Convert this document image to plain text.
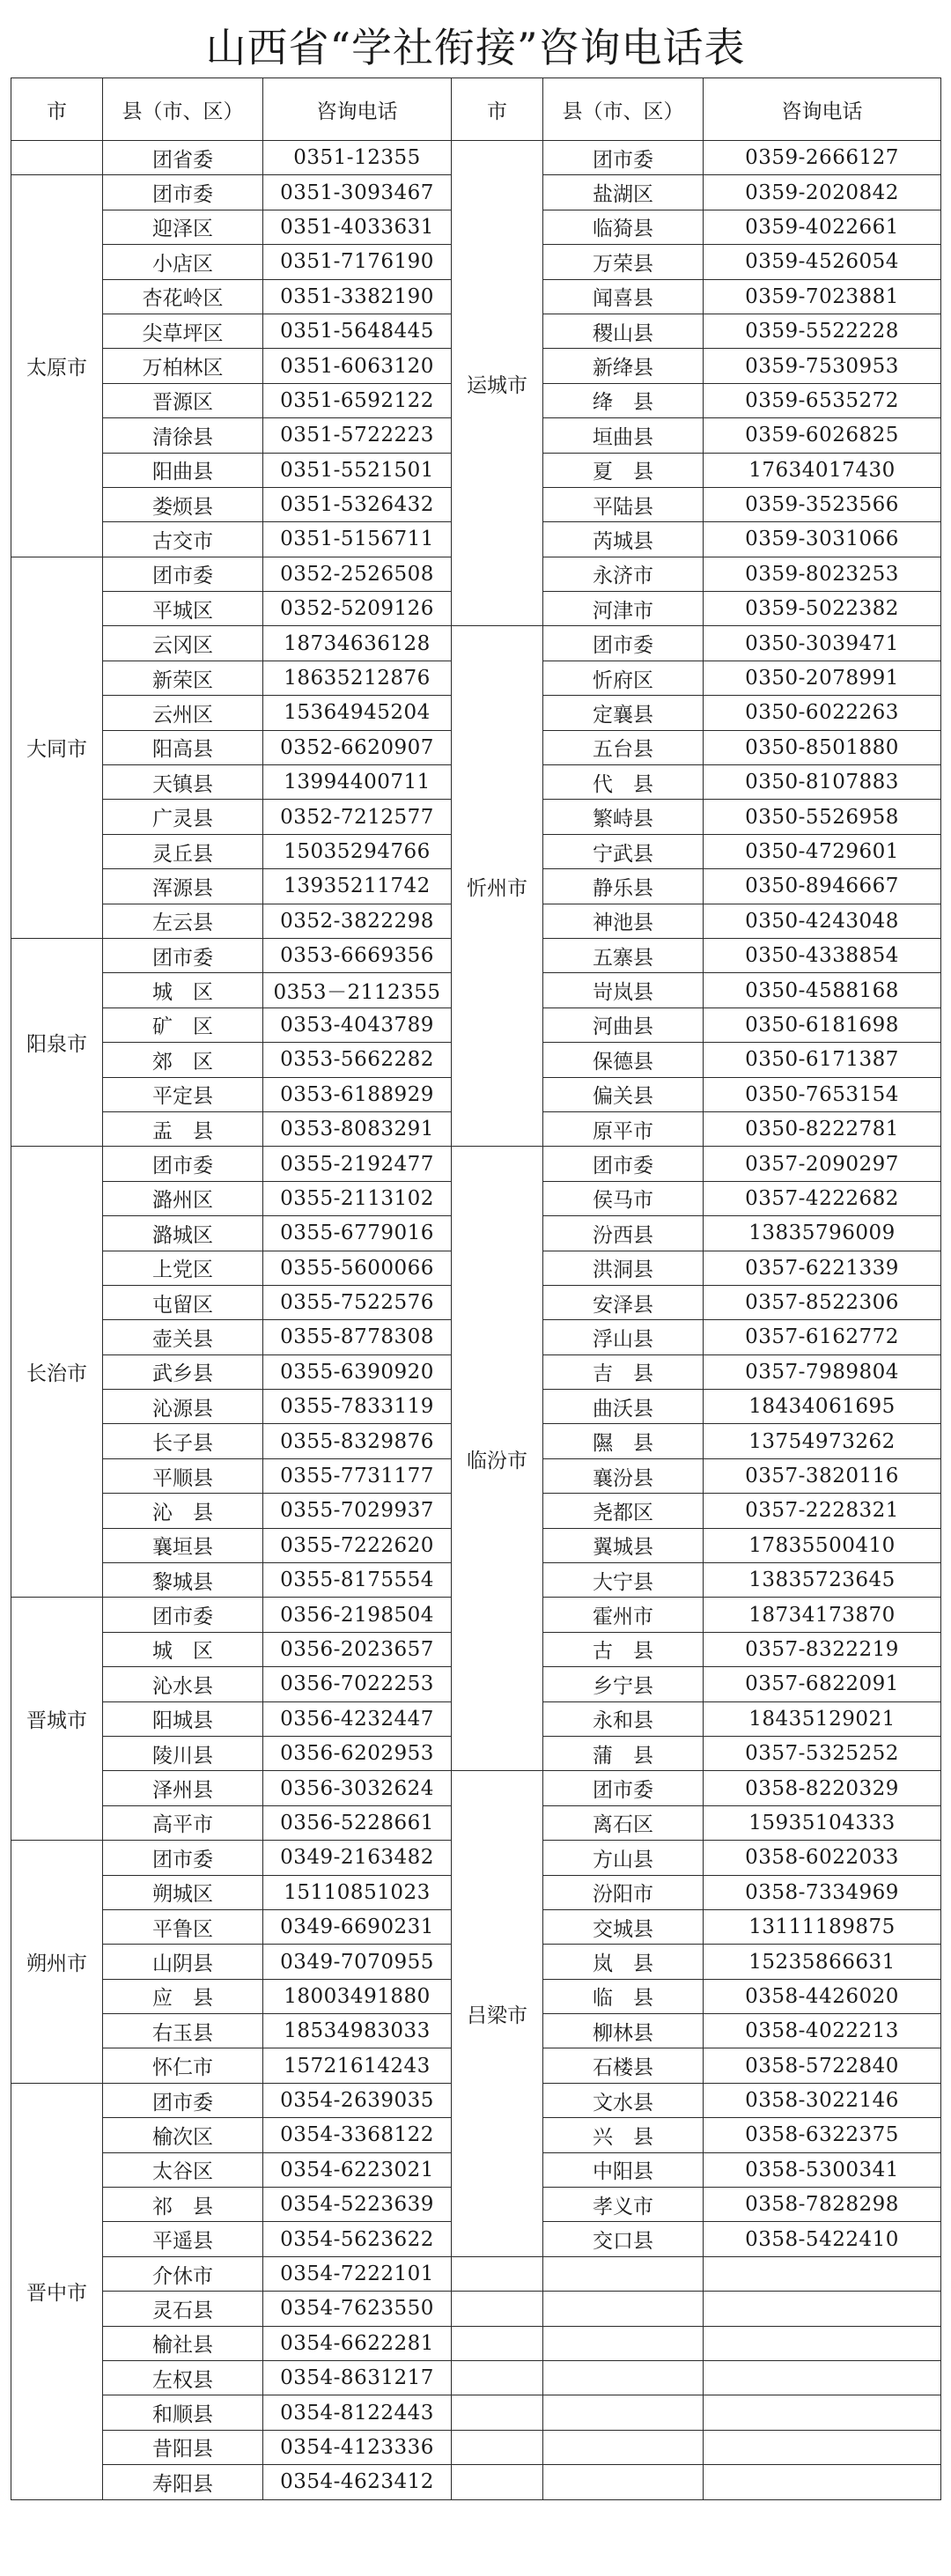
山西省“学社衔接”咨询电话表
市	县（市、区）	咨询电话	市	县（市、区）	咨询电话
	团省委	0351-12355	运城市	团市委	0359-2666127
太原市	团市委	0351-3093467		盐湖区	0359-2020842
	迎泽区	0351-4033631		临猗县	0359-4022661
	小店区	0351-7176190		万荣县	0359-4526054
	杏花岭区	0351-3382190		闻喜县	0359-7023881
	尖草坪区	0351-5648445		稷山县	0359-5522228
	万柏林区	0351-6063120		新绛县	0359-7530953
	晋源区	0351-6592122		绛　县	0359-6535272
	清徐县	0351-5722223		垣曲县	0359-6026825
	阳曲县	0351-5521501		夏　县	17634017430
	娄烦县	0351-5326432		平陆县	0359-3523566
	古交市	0351-5156711		芮城县	0359-3031066
大同市	团市委	0352-2526508		永济市	0359-8023253
	平城区	0352-5209126		河津市	0359-5022382
	云冈区	18734636128	忻州市	团市委	0350-3039471
	新荣区	18635212876		忻府区	0350-2078991
	云州区	15364945204		定襄县	0350-6022263
	阳高县	0352-6620907		五台县	0350-8501880
	天镇县	13994400711		代　县	0350-8107883
	广灵县	0352-7212577		繁峙县	0350-5526958
	灵丘县	15035294766		宁武县	0350-4729601
	浑源县	13935211742		静乐县	0350-8946667
	左云县	0352-3822298		神池县	0350-4243048
阳泉市	团市委	0353-6669356		五寨县	0350-4338854
	城　区	0353－2112355		岢岚县	0350-4588168
	矿　区	0353-4043789		河曲县	0350-6181698
	郊　区	0353-5662282		保德县	0350-6171387
	平定县	0353-6188929		偏关县	0350-7653154
	盂　县	0353-8083291		原平市	0350-8222781
长治市	团市委	0355-2192477	临汾市	团市委	0357-2090297
	潞州区	0355-2113102		侯马市	0357-4222682
	潞城区	0355-6779016		汾西县	13835796009
	上党区	0355-5600066		洪洞县	0357-6221339
	屯留区	0355-7522576		安泽县	0357-8522306
	壶关县	0355-8778308		浮山县	0357-6162772
	武乡县	0355-6390920		吉　县	0357-7989804
	沁源县	0355-7833119		曲沃县	18434061695
	长子县	0355-8329876		隰　县	13754973262
	平顺县	0355-7731177		襄汾县	0357-3820116
	沁　县	0355-7029937		尧都区	0357-2228321
	襄垣县	0355-7222620		翼城县	17835500410
	黎城县	0355-8175554		大宁县	13835723645
晋城市	团市委	0356-2198504		霍州市	18734173870
	城　区	0356-2023657		古　县	0357-8322219
	沁水县	0356-7022253		乡宁县	0357-6822091
	阳城县	0356-4232447		永和县	18435129021
	陵川县	0356-6202953		蒲　县	0357-5325252
	泽州县	0356-3032624	吕梁市	团市委	0358-8220329
	高平市	0356-5228661		离石区	15935104333
朔州市	团市委	0349-2163482		方山县	0358-6022033
	朔城区	15110851023		汾阳市	0358-7334969
	平鲁区	0349-6690231		交城县	13111189875
	山阴县	0349-7070955		岚　县	15235866631
	应　县	18003491880		临　县	0358-4426020
	右玉县	18534983033		柳林县	0358-4022213
	怀仁市	15721614243		石楼县	0358-5722840
晋中市	团市委	0354-2639035		文水县	0358-3022146
	榆次区	0354-3368122		兴　县	0358-6322375
	太谷区	0354-6223021		中阳县	0358-5300341
	祁　县	0354-5223639		孝义市	0358-7828298
	平遥县	0354-5623622		交口县	0358-5422410
	介休市	0354-7222101			
	灵石县	0354-7623550			
	榆社县	0354-6622281			
	左权县	0354-8631217			
	和顺县	0354-8122443			
	昔阳县	0354-4123336			
	寿阳县	0354-4623412			
